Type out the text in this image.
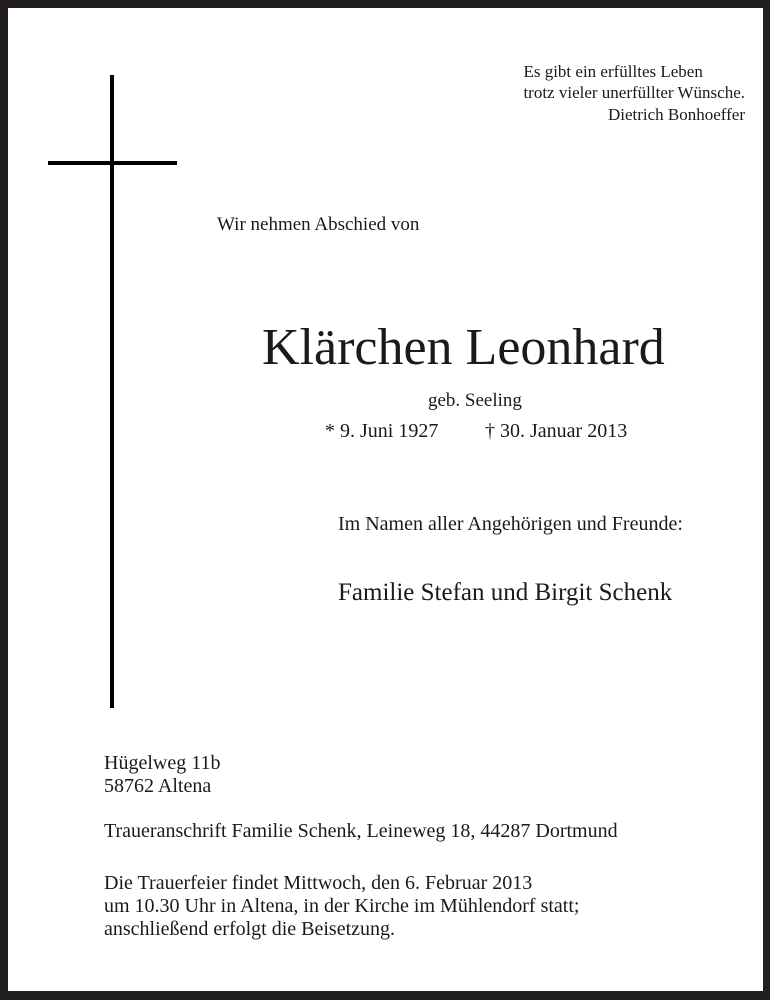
Es gibt ein erfülltes Leben
trotz vieler unerfüllter Wünsche.
Dietrich Bonhoeffer
Wir nehmen Abschied von
Klärchen Leonhard
geb. Seeling
* 9. Juni 1927 † 30. Januar 2013
Im Namen aller Angehörigen und Freunde:
Familie Stefan und Birgit Schenk
Hügelweg 11b
58762 Altena
Traueranschrift Familie Schenk, Leineweg 18, 44287 Dortmund
Die Trauerfeier findet Mittwoch, den 6. Februar 2013
um 10.30 Uhr in Altena, in der Kirche im Mühlendorf statt;
anschließend erfolgt die Beisetzung.
